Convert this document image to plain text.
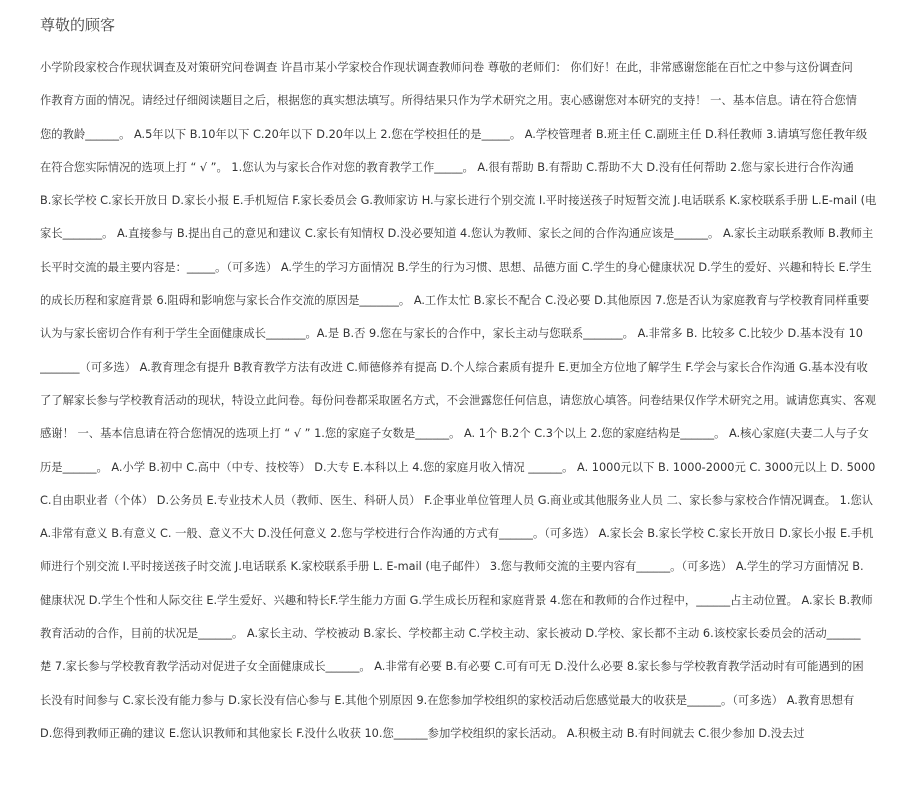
尊敬的顾客
小学阶段家校合作现状调查及对策研究问卷调查 许昌市某小学家校合作现状调查教师问卷 尊敬的老师们： 你们好！在此，非常感谢您能在百忙之中参与这份调查问
作教育方面的情况。请经过仔细阅读题目之后，根据您的真实想法填写。所得结果只作为学术研究之用。衷心感谢您对本研究的支持！ 一、基本信息。请在符合您情
您的教龄______。 A.5年以下 B.10年以下 C.20年以下 D.20年以上 2.您在学校担任的是_____。 A.学校管理者 B.班主任 C.副班主任 D.科任教师 3.请填写您任教年级
在符合您实际情况的选项上打 “ √ ”。 1.您认为与家长合作对您的教育教学工作_____。 A.很有帮助 B.有帮助 C.帮助不大 D.没有任何帮助 2.您与家长进行合作沟通
B.家长学校 C.家长开放日 D.家长小报 E.手机短信 F.家长委员会 G.教师家访 H.与家长进行个别交流 I.平时接送孩子时短暂交流 J.电话联系 K.家校联系手册 L.E-mail (电
家长_______。 A.直接参与 B.提出自己的意见和建议 C.家长有知情权 D.没必要知道 4.您认为教师、家长之间的合作沟通应该是______。 A.家长主动联系教师 B.教师主
长平时交流的最主要内容是：_____。（可多选） A.学生的学习方面情况 B.学生的行为习惯、思想、品德方面 C.学生的身心健康状况 D.学生的爱好、兴趣和特长 E.学生
的成长历程和家庭背景 6.阻碍和影响您与家长合作交流的原因是_______。 A.工作太忙 B.家长不配合 C.没必要 D.其他原因 7.您是否认为家庭教育与学校教育同样重要
认为与家长密切合作有利于学生全面健康成长_______。A.是 B.否 9.您在与家长的合作中，家长主动与您联系_______。 A.非常多 B. 比较多 C.比较少 D.基本没有 10
_______（可多选） A.教育理念有提升 B教育教学方法有改进 C.师德修养有提高 D.个人综合素质有提升 E.更加全方位地了解学生 F.学会与家长合作沟通 G.基本没有收
了了解家长参与学校教育活动的现状，特设立此问卷。每份问卷都采取匿名方式，不会泄露您任何信息，请您放心填答。问卷结果仅作学术研究之用。诚请您真实、客观
感谢！ 一、基本信息请在符合您情况的选项上打 “ √ ” 1.您的家庭子女数是______。 A. 1个 B.2个 C.3个以上 2.您的家庭结构是______。 A.核心家庭(夫妻二人与子女
历是______。 A.小学 B.初中 C.高中（中专、技校等） D.大专 E.本科以上 4.您的家庭月收入情况 ______。 A. 1000元以下 B. 1000-2000元 C. 3000元以上 D. 5000
C.自由职业者（个体） D.公务员 E.专业技术人员（教师、医生、科研人员） F.企事业单位管理人员 G.商业或其他服务业人员 二、家长参与家校合作情况调查。 1.您认
A.非常有意义 B.有意义 C. 一般、意义不大 D.没任何意义 2.您与学校进行合作沟通的方式有______。（可多选） A.家长会 B.家长学校 C.家长开放日 D.家长小报 E.手机
师进行个别交流 I.平时接送孩子时交流 J.电话联系 K.家校联系手册 L. E-mail (电子邮件） 3.您与教师交流的主要内容有______。（可多选） A.学生的学习方面情况 B.
健康状况 D.学生个性和人际交往 E.学生爱好、兴趣和特长F.学生能力方面 G.学生成长历程和家庭背景 4.您在和教师的合作过程中，______占主动位置。 A.家长 B.教师
教育活动的合作，目前的状况是______。 A.家长主动、学校被动 B.家长、学校都主动 C.学校主动、家长被动 D.学校、家长都不主动 6.该校家长委员会的活动______
楚 7.家长参与学校教育教学活动对促进子女全面健康成长______。 A.非常有必要 B.有必要 C.可有可无 D.没什么必要 8.家长参与学校教育教学活动时有可能遇到的困
长没有时间参与 C.家长没有能力参与 D.家长没有信心参与 E.其他个别原因 9.在您参加学校组织的家校活动后您感觉最大的收获是______。（可多选） A.教育思想有
D.您得到教师正确的建议 E.您认识教师和其他家长 F.没什么收获 10.您______参加学校组织的家长活动。 A.积极主动 B.有时间就去 C.很少参加 D.没去过
